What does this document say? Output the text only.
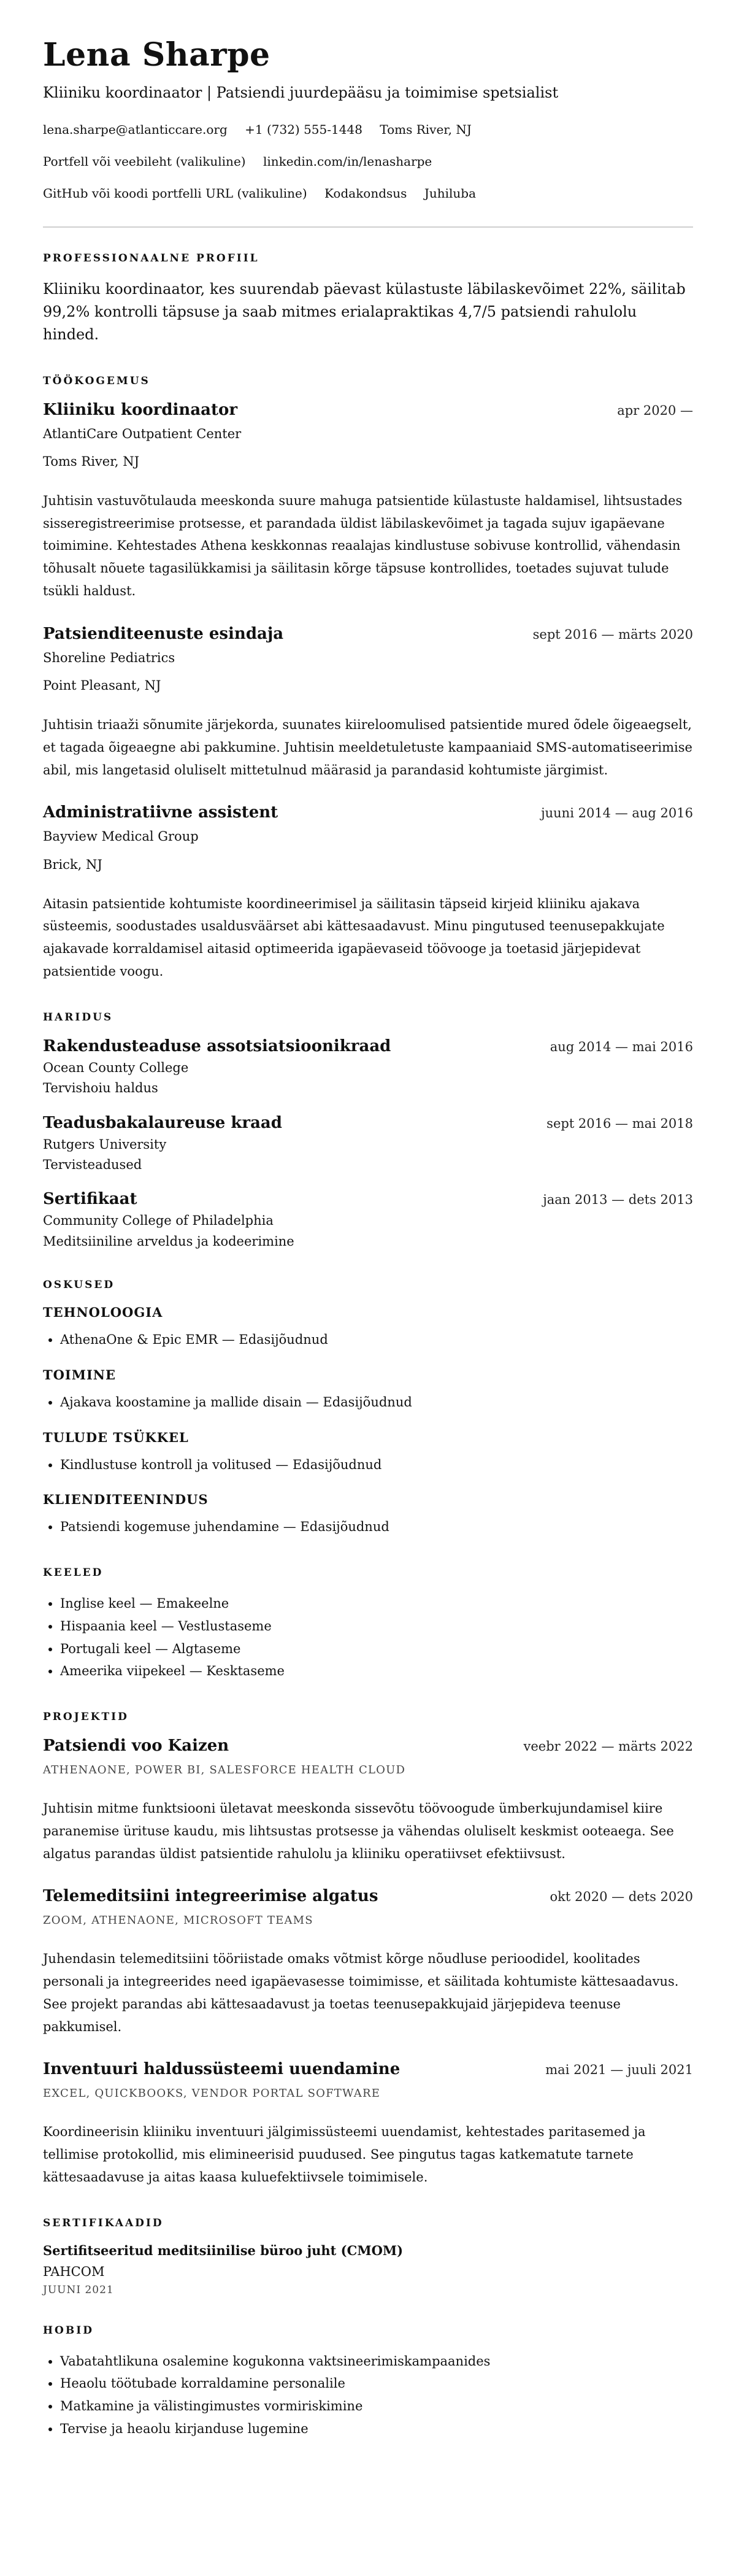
Lena Sharpe
Kliiniku koordinaator | Patsiendi juurdepääsu ja toimimise spetsialist
lena.sharpe@atlanticcare.org +1 (732) 555-1448 Toms River, NJ
Portfell või veebileht (valikuline) linkedin.com/in/lenasharpe
GitHub või koodi portfelli URL (valikuline) Kodakondsus Juhiluba
PROFESSIONAALNE PROFIIL
Kliiniku koordinaator, kes suurendab päevast külastuste läbilaskevõimet 22%, säilitab 99,2% kontrolli täpsuse ja saab mitmes erialapraktikas 4,7/5 patsiendi rahulolu hinded.
TÖÖKOGEMUS
Kliiniku koordinaator	apr 2020 —
AtlantiCare Outpatient Center
Toms River, NJ
Juhtisin vastuvõtulauda meeskonda suure mahuga patsientide külastuste haldamisel, lihtsustades sisseregistreerimise protsesse, et parandada üldist läbilaskevõimet ja tagada sujuv igapäevane toimimine. Kehtestades Athena keskkonnas reaalajas kindlustuse sobivuse kontrollid, vähendasin tõhusalt nõuete tagasilükkamisi ja säilitasin kõrge täpsuse kontrollides, toetades sujuvat tulude tsükli haldust.
Patsienditeenuste esindaja	sept 2016 — märts 2020
Shoreline Pediatrics
Point Pleasant, NJ
Juhtisin triaaži sõnumite järjekorda, suunates kiireloomulised patsientide mured õdele õigeaegselt, et tagada õigeaegne abi pakkumine. Juhtisin meeldetuletuste kampaaniaid SMS-automatiseerimise abil, mis langetasid oluliselt mittetulnud määrasid ja parandasid kohtumiste järgimist.
Administratiivne assistent	juuni 2014 — aug 2016
Bayview Medical Group
Brick, NJ
Aitasin patsientide kohtumiste koordineerimisel ja säilitasin täpseid kirjeid kliiniku ajakava süsteemis, soodustades usaldusväärset abi kättesaadavust. Minu pingutused teenusepakkujate ajakavade korraldamisel aitasid optimeerida igapäevaseid töövooge ja toetasid järjepidevat patsientide voogu.
HARIDUS
Rakendusteaduse assotsiatsioonikraad	aug 2014 — mai 2016
Ocean County College
Tervishoiu haldus
Teadusbakalaureuse kraad	sept 2016 — mai 2018
Rutgers University
Tervisteadused
Sertifikaat	jaan 2013 — dets 2013
Community College of Philadelphia
Meditsiiniline arveldus ja kodeerimine
OSKUSED
TEHNOLOOGIA
• AthenaOne & Epic EMR — Edasijõudnud
TOIMINE
• Ajakava koostamine ja mallide disain — Edasijõudnud
TULUDE TSÜKKEL
• Kindlustuse kontroll ja volitused — Edasijõudnud
KLIENDITEENINDUS
• Patsiendi kogemuse juhendamine — Edasijõudnud
KEELED
• Inglise keel — Emakeelne
• Hispaania keel — Vestlustaseme
• Portugali keel — Algtaseme
• Ameerika viipekeel — Kesktaseme
PROJEKTID
Patsiendi voo Kaizen	veebr 2022 — märts 2022
ATHENAONE, POWER BI, SALESFORCE HEALTH CLOUD
Juhtisin mitme funktsiooni ületavat meeskonda sissevõtu töövoogude ümberkujundamisel kiire paranemise ürituse kaudu, mis lihtsustas protsesse ja vähendas oluliselt keskmist ooteaega. See algatus parandas üldist patsientide rahulolu ja kliiniku operatiivset efektiivsust.
Telemeditsiini integreerimise algatus	okt 2020 — dets 2020
ZOOM, ATHENAONE, MICROSOFT TEAMS
Juhendasin telemeditsiini tööriistade omaks võtmist kõrge nõudluse perioodidel, koolitades personali ja integreerides need igapäevasesse toimimisse, et säilitada kohtumiste kättesaadavus. See projekt parandas abi kättesaadavust ja toetas teenusepakkujaid järjepideva teenuse pakkumisel.
Inventuuri haldussüsteemi uuendamine	mai 2021 — juuli 2021
EXCEL, QUICKBOOKS, VENDOR PORTAL SOFTWARE
Koordineerisin kliiniku inventuuri jälgimissüsteemi uuendamist, kehtestades paritasemed ja tellimise protokollid, mis elimineerisid puudused. See pingutus tagas katkematute tarnete kättesaadavuse ja aitas kaasa kuluefektiivsele toimimisele.
SERTIFIKAADID
Sertifitseeritud meditsiinilise büroo juht (CMOM)
PAHCOM
JUUNI 2021
HOBID
• Vabatahtlikuna osalemine kogukonna vaktsineerimiskampaanides
• Heaolu töötubade korraldamine personalile
• Matkamine ja välistingimustes vormiriskimine
• Tervise ja heaolu kirjanduse lugemine
